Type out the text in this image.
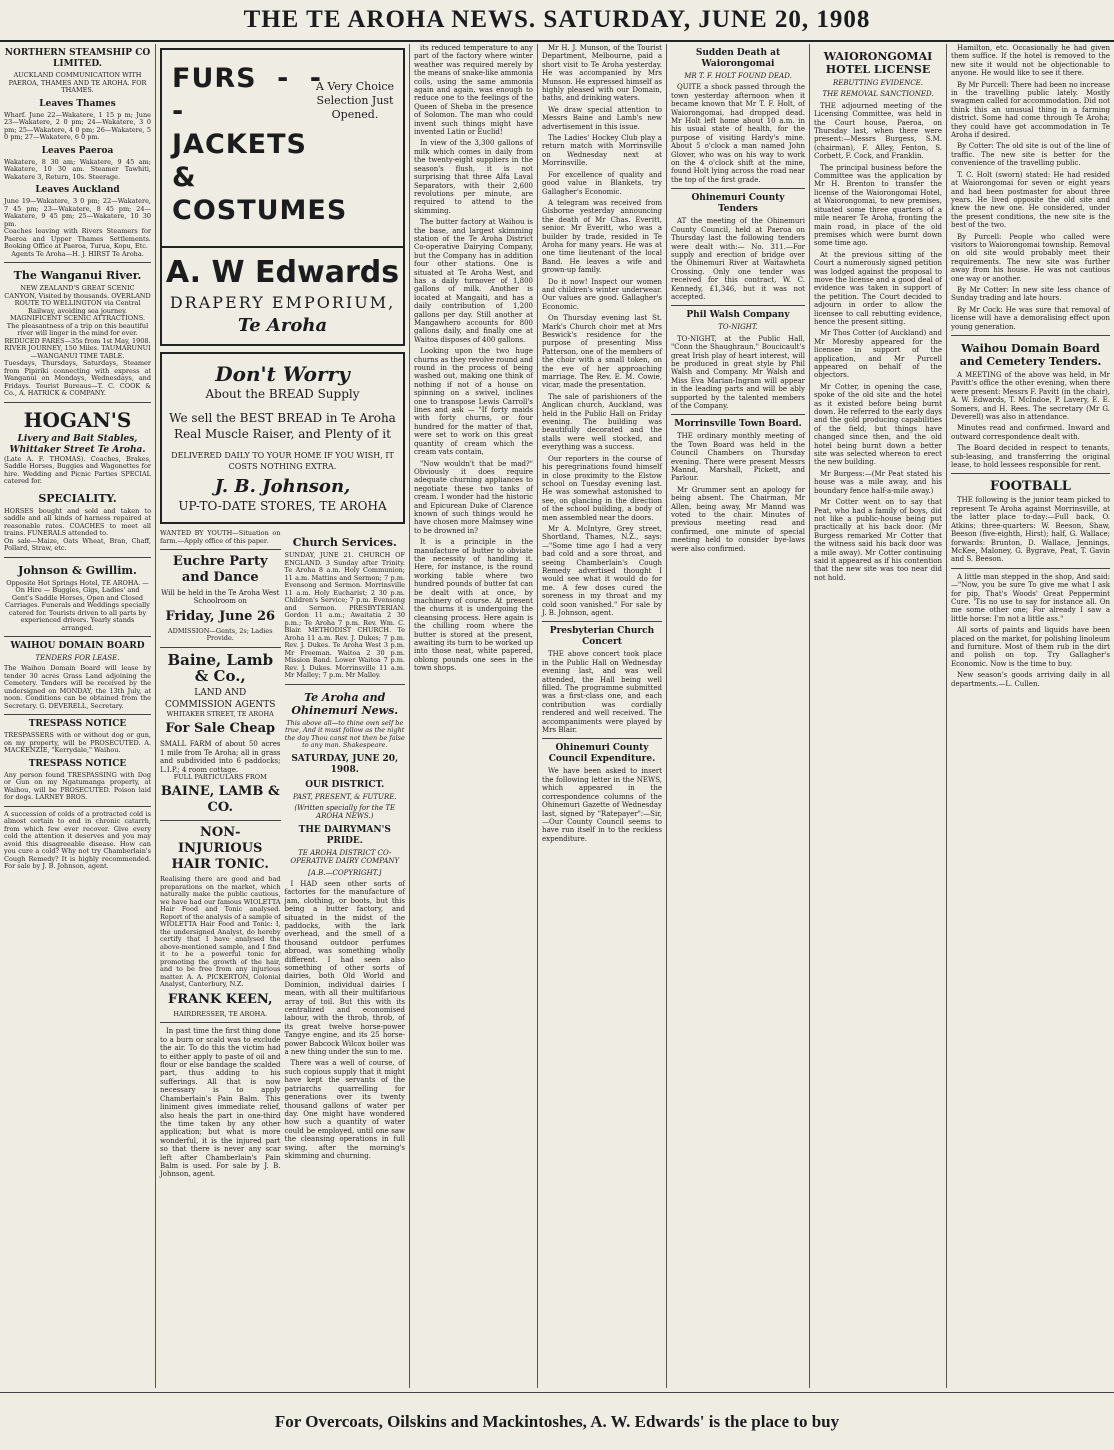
THE TE AROHA NEWS. SATURDAY, JUNE 20, 1908
NORTHERN STEAMSHIP CO LIMITED.
AUCKLAND COMMUNICATION WITH PAEROA, THAMES AND TE AROHA. FOR THAMES.
Leaves Thames
Wharf. June 22—Wakatere, 1 15 p m; June 23—Wakatere, 2 0 pm; 24—Wakatere, 3 0 pm; 25—Wakatere, 4 0 pm; 26—Wakatere, 5 0 pm; 27—Wakatere, 6 0 pm.
Leaves Paeroa
Wakatere, 8 30 am; Wakatere, 9 45 am; Wakatere, 10 30 am. Steamer Tawhiti, Wakatere 3, Return, 10s. Steerage.
Leaves Auckland
June 19—Wakatere, 3 0 pm; 22—Wakatere, 7 45 pm; 23—Wakatere, 8 45 pm; 24—Wakatere, 9 45 pm; 25—Wakatere, 10 30 pm.
Coaches leaving with Rivers Steamers for Paeroa and Upper Thames Settlements. Booking Office at Paeroa, Turua, Kopu, Etc.
Agents Te Aroha—H. J. HIRST Te Aroha.
The Wanganui River.
NEW ZEALAND'S GREAT SCENIC CANYON, Visited by thousands. OVERLAND ROUTE TO WELLINGTON via Central Railway, avoiding sea journey. MAGNIFICENT SCENIC ATTRACTIONS. The pleasantness of a trip on this beautiful river will linger in the mind for ever.
REDUCED FARES—35s from 1st May, 1908. RIVER JOURNEY, 150 Miles. TAUMARUNUI—WANGANUI TIME TABLE.
Tuesdays, Thursdays, Saturdays, Steamer from Pipiriki connecting with express at Wanganui on Mondays, Wednesdays, and Fridays. Tourist Bureaus—T. C. COOK & Co., A. HATRICK & COMPANY.
HOGAN'S
Livery and Bait Stables, Whittaker Street Te Aroha.
(Late A. F. THOMAS). Coaches, Brakes, Saddle Horses, Buggies and Wagonettes for hire. Wedding and Picnic Parties SPECIAL catered for.
SPECIALITY.
HORSES bought and sold and taken to saddle and all kinds of harness repaired at reasonable rates. COACHES to meet all trains. FUNERALS attended to.
On sale—Maize, Oats Wheat, Bran, Chaff, Pollard, Straw, etc.
Johnson & Gwillim.
Opposite Hot Springs Hotel, TE AROHA. — On Hire — Buggies, Gigs, Ladies' and Gent's Saddle Horses, Open and Closed Carriages. Funerals and Weddings specially catered for. Tourists driven to all parts by experienced drivers. Yearly stands arranged.
WAIHOU DOMAIN BOARD
TENDERS FOR LEASE.
The Waihou Domain Board will lease by tender 30 acres Grass Land adjoining the Cemetery. Tenders will be received by the undersigned on MONDAY, the 13th July, at noon. Conditions can be obtained from the Secretary. G. DEVERELL, Secretary.
TRESPASS NOTICE
TRESPASSERS with or without dog or gun, on my property, will be PROSECUTED. A. MACKENZIE, "Kerrydale," Waihou.
TRESPASS NOTICE
Any person found TRESPASSING with Dog or Gun on my Ngatumanga property, at Waihou, will be PROSECUTED. Poison laid for dogs. LARNEY BROS.
A succession of colds of a protracted cold is almost certain to end in chronic catarrh, from which few ever recover. Give every cold the attention it deserves and you may avoid this disagreeable disease. How can you cure a cold? Why not try Chamberlain's Cough Remedy? It is highly recommended. For sale by J. B. Johnson, agent.
FURS - - - JACKETS & COSTUMES
A Very Choice Selection Just Opened.
A. W Edwards
DRAPERY EMPORIUM,
Te Aroha
Don't Worry
About the BREAD Supply
We sell the BEST BREAD in Te Aroha
Real Muscle Raiser, and Plenty of it
DELIVERED DAILY TO YOUR HOME IF YOU WISH, IT COSTS NOTHING EXTRA.
J. B. Johnson,
UP-TO-DATE STORES, TE AROHA
WANTED BY YOUTH—Situation on farm.—Apply office of this paper.
Euchre Party and Dance
Will be held in the Te Aroha West Schoolroom on
Friday, June 26
ADMISSION—Gents, 2s; Ladies Provide.
Baine, Lamb & Co.,
LAND AND COMMISSION AGENTS
WHITAKER STREET, TE AROHA
For Sale Cheap
SMALL FARM of about 50 acres 1 mile from Te Aroha; all in grass and subdivided into 6 paddocks; L.I.P.; 4 room cottage.
FULL PARTICULARS FROM
BAINE, LAMB & CO.
NON-INJURIOUS HAIR TONIC.
Realising there are good and bad preparations on the market, which naturally make the public cautious, we have had our famous WIOLETTA Hair Food and Tonic analysed. Report of the analysis of a sample of WIOLETTA Hair Food and Tonic: I, the undersigned Analyst, do hereby certify that I have analysed the above-mentioned sample, and I find it to be a powerful tonic for promoting the growth of the hair, and to be free from any injurious matter. A. A. PICKERTON, Colonial Analyst, Canterbury, N.Z.
FRANK KEEN,
HAIRDRESSER, TE AROHA.

In past time the first thing done to a burn or scald was to exclude the air. To do this the victim had to either apply to paste of oil and flour or else bandage the scalded part, thus adding to his sufferings. All that is now necessary is to apply Chamberlain's Pain Balm. This liniment gives immediate relief, also heals the part in one-third the time taken by any other application; but what is more wonderful, it is the injured part so that there is never any scar left after Chamberlain's Pain Balm is used. For sale by J. B. Johnson, agent.

Church Services.
SUNDAY, JUNE 21. CHURCH OF ENGLAND. 3 Sunday after Trinity. Te Aroha 8 a.m. Holy Communion; 11 a.m. Mattins and Sermon; 7 p.m. Evensong and Sermon. Morrinsville 11 a.m. Holy Eucharist; 2 30 p.m. Children's Service; 7 p.m. Evensong and Sermon. PRESBYTERIAN. Gordon 11 a.m.; Awaitatia 2 30 p.m.; Te Aroha 7 p.m. Rev. Wm. C. Blair. METHODIST CHURCH. Te Aroha 11 a.m. Rev. J. Dukes; 7 p.m. Rev. J. Dukes. Te Aroha West 3 p.m. Mr Freeman. Waitoa 2 30 p.m. Mission Band. Lower Waitoa 7 p.m. Rev. J. Dukes. Morrinsville 11 a.m. Mr Malley; 7 p.m. Mr Malley.
Te Aroha and Ohinemuri News.
This above all—to thine own self be true, And it must follow as the night the day Thou canst not then be false to any man. Shakespeare.
SATURDAY, JUNE 20, 1908.
OUR DISTRICT.
PAST, PRESENT, & FUTURE.
(Written specially for the TE AROHA NEWS.)
THE DAIRYMAN'S PRIDE.
TE AROHA DISTRICT CO-OPERATIVE DAIRY COMPANY
[A.B.—COPYRIGHT.]

I HAD seen other sorts of factories for the manufacture of jam, clothing, or boots, but this being a butter factory, and situated in the midst of the paddocks, with the lark overhead, and the smell of a thousand outdoor perfumes abroad, was something wholly different. I had seen also something of other sorts of dairies, both Old World and Dominion, individual dairies I mean, with all their multifarious array of toil. But this with its centralized and economised labour, with the throb, throb, of its great twelve horse-power Tangye engine, and its 25 horse-power Babcock Wilcox boiler was a new thing under the sun to me.

There was a well of course, of such copious supply that it might have kept the servants of the patriarchs quarrelling for generations over its twenty thousand gallons of water per day. One might have wondered how such a quantity of water could be employed, until one saw the cleansing operations in full swing, after the morning's skimming and churning.

its reduced temperature to any part of the factory where winter weather was required merely by the means of snake-like ammonia coils, using the same ammonia again and again, was enough to reduce one to the feelings of the Queen of Sheba in the presence of Solomon. The man who could invent such things might have invented Latin or Euclid!

In view of the 3,300 gallons of milk which comes in daily from the twenty-eight suppliers in the season's flush, it is not surprising that three Alfa Laval Separators, with their 2,600 revolutions per minute, are required to attend to the skimming.

The butter factory at Waihou is the base, and largest skimming station of the Te Aroha District Co-operative Dairying Company, but the Company has in addition four other stations. One is situated at Te Aroha West, and has a daily turnover of 1,800 gallons of milk. Another is located at Mangaiti, and has a daily contribution of 1,200 gallons per day. Still another at Mangawhero accounts for 800 gallons daily, and finally one at Waitoa disposes of 400 gallons.

Looking upon the two huge churns as they revolve round and round in the process of being washed out, making one think of nothing if not of a house on spinning on a swivel, inclines one to transpose Lewis Carroll's lines and ask — "If forty maids with forty churns, or four hundred for the matter of that, were set to work on this great quantity of cream which the cream vats contain,

"Now wouldn't that be mad?" Obviously it does require adequate churning appliances to negotiate these two tanks of cream. I wonder had the historic and Epicurean Duke of Clarence known of such things would he have chosen more Malmsey wine to be drowned in?

It is a principle in the manufacture of butter to obviate the necessity of handling it. Here, for instance, is the round working table where two hundred pounds of butter fat can be dealt with at once, by machinery of course. At present the churns it is undergoing the cleansing process. Here again is the chilling room where the butter is stored at the present, awaiting its turn to be worked up into those neat, white papered, oblong pounds one sees in the town shops.

Mr H. J. Munson, of the Tourist Department, Melbourne, paid a short visit to Te Aroha yesterday. He was accompanied by Mrs Munson. He expressed himself as highly pleased with our Domain, baths, and drinking waters.

We draw special attention to Messrs Baine and Lamb's new advertisement in this issue.

The Ladies' Hockey Club play a return match with Morrinsville on Wednesday next at Morrinsville.

For excellence of quality and good value in Blankets, try Gallagher's Economic.

A telegram was received from Gisborne yesterday announcing the death of Mr Chas. Everitt, senior. Mr Everitt, who was a builder by trade, resided in Te Aroha for many years. He was at one time lieutenant of the local Band. He leaves a wife and grown-up family.

Do it now! Inspect our women and children's winter underwear. Our values are good. Gallagher's Economic.

On Thursday evening last St. Mark's Church choir met at Mrs Beswick's residence for the purpose of presenting Miss Patterson, one of the members of the choir with a small token, on the eve of her approaching marriage. The Rev. E. M. Cowie, vicar, made the presentation.

The sale of parishioners of the Anglican church, Auckland, was held in the Public Hall on Friday evening. The building was beautifully decorated and the stalls were well stocked, and everything was a success.

Our reporters in the course of his peregrinations found himself in close proximity to the Elstow school on Tuesday evening last. He was somewhat astonished to see, on glancing in the direction of the school building, a body of men assembled near the doors.

Mr A. McIntyre, Grey street, Shortland, Thames, N.Z., says:—"Some time ago I had a very bad cold and a sore throat, and seeing Chamberlain's Cough Remedy advertised thought I would see what it would do for me. A few doses cured the soreness in my throat and my cold soon vanished." For sale by J. B. Johnson, agent.

Presbyterian Church Concert

THE above concert took place in the Public Hall on Wednesday evening last, and was well attended, the Hall being well filled. The programme submitted was a first-class one, and each contribution was cordially rendered and well received. The accompaniments were played by Mrs Blair.

Ohinemuri County Council Expenditure.

We have been asked to insert the following letter in the NEWS, which appeared in the correspondence columns of the Ohinemuri Gazette of Wednesday last, signed by "Ratepayer":—Sir,—Our County Council seems to have run itself in to the reckless expenditure.

Sudden Death at Waiorongomai
MR T. F. HOLT FOUND DEAD.

QUITE a shock passed through the town yesterday afternoon when it became known that Mr T. F. Holt, of Waiorongomai, had dropped dead. Mr Holt left home about 10 a.m. in his usual state of health, for the purpose of visiting Hardy's mine. About 5 o'clock a man named John Glover, who was on his way to work on the 4 o'clock shift at the mine, found Holt lying across the road near the top of the first grade.

Ohinemuri County Tenders

AT the meeting of the Ohinemuri County Council, held at Paeroa on Thursday last the following tenders were dealt with:— No. 311.—For supply and erection of bridge over the Ohinemuri River at Waitawheta Crossing. Only one tender was received for this contract, W. C. Kennedy, £1,346, but it was not accepted.

Phil Walsh Company
TO-NIGHT.

TO-NIGHT, at the Public Hall, "Conn the Shaughraun," Boucicault's great Irish play of heart interest, will be produced in great style by Phil Walsh and Company. Mr Walsh and Miss Eva Marian-Ingram will appear in the leading parts and will be ably supported by the talented members of the Company.

Morrinsville Town Board.

THE ordinary monthly meeting of the Town Board was held in the Council Chambers on Thursday evening. There were present Messrs Mannd, Marshall, Pickett, and Parlour.

Mr Grummer sent an apology for being absent. The Chairman, Mr Allen, being away, Mr Mannd was voted to the chair. Minutes of previous meeting read and confirmed, one minute of special meeting held to consider bye-laws were also confirmed.

WAIORONGOMAI HOTEL LICENSE
REBUTTING EVIDENCE.
THE REMOVAL SANCTIONED.

THE adjourned meeting of the Licensing Committee, was held in the Court house, Paeroa, on Thursday last, when there were present:—Messrs Burgess, S.M. (chairman), F. Alley, Fenton, S. Corbett, F. Cock, and Franklin.

The principal business before the Committee was the application by Mr H. Brenton to transfer the license of the Waiorongomai Hotel, at Waiorongomai, to new premises, situated some three quarters of a mile nearer Te Aroha, fronting the main road, in place of the old premises which were burnt down some time ago.

At the previous sitting of the Court a numerously signed petition was lodged against the proposal to move the license and a good deal of evidence was taken in support of the petition. The Court decided to adjourn in order to allow the licensee to call rebutting evidence, hence the present sitting.

Mr Thos Cotter (of Auckland) and Mr Moresby appeared for the licensee in support of the application, and Mr Purcell appeared on behalf of the objectors.

Mr Cotter, in opening the case, spoke of the old site and the hotel as it existed before being burnt down. He referred to the early days and the gold producing capabilities of the field, but things have changed since then, and the old hotel being burnt down a better site was selected whereon to erect the new building.

Mr Burgess:—(Mr Peat stated his house was a mile away, and his boundary fence half-a-mile away.)

Mr Cotter went on to say that Peat, who had a family of boys, did not like a public-house being put practically at his back door. (Mr Burgess remarked Mr Cotter that the witness said his back door was a mile away). Mr Cotter continuing said it appeared as if his contention that the new site was too near did not hold.

Hamilton, etc. Occasionally he had given them suffice. If the hotel is removed to the new site it would not be objectionable to anyone. He would like to see it there.

By Mr Purcell: There had been no increase in the travelling public lately. Mostly swagmen called for accommodation. Did not think this an unusual thing in a farming district. Some had come through Te Aroha; they could have got accommodation in Te Aroha if desired.

By Cotter: The old site is out of the line of traffic. The new site is better for the convenience of the travelling public.

T. C. Holt (sworn) stated: He had resided at Waiorongomai for seven or eight years and had been postmaster for about three years. He lived opposite the old site and knew the new one. He considered, under the present conditions, the new site is the best of the two.

By Purcell: People who called were visitors to Waiorongomai township. Removal on old site would probably meet their requirements. The new site was further away from his house. He was not cautious one way or another.

By Mr Cotter: In new site less chance of Sunday trading and late hours.

By Mr Cock: He was sure that removal of license will have a demoralising effect upon young generation.

Waihou Domain Board and Cemetery Tenders.

A MEETING of the above was held, in Mr Pavitt's office the other evening, when there were present: Messrs F. Pavitt (in the chair), A. W. Edwards, T. McIndoe, P. Lavery, E. E. Somers, and H. Rees. The secretary (Mr G. Deverell) was also in attendance.

Minutes read and confirmed. Inward and outward correspondence dealt with.

The Board decided in respect to tenants, sub-leasing, and transferring the original lease, to hold lessees responsible for rent.

FOOTBALL

THE following is the junior team picked to represent Te Aroha against Morrinsville, at the latter place to-day:—Full back, O. Atkins; three-quarters: W. Beeson, Shaw, Beeson (five-eighth, Hirst); half, G. Wallace; forwards: Brunton, D. Wallace, Jennings, McKee, Maloney, G. Bygrave, Peat, T. Gavin and S. Beeson.

A little man stepped in the shop, And said:—"Now, you be sure To give me what I ask for pip, That's Woods' Great Peppermint Cure. 'Tis no use to say for instance all. On me some other one; For already I saw a little horse: I'm not a little ass."

All sorts of paints and liquids have been placed on the market, for polishing linoleum and furniture. Most of them rub in the dirt and polish on top. Try Gallagher's Economic. Now is the time to buy.

New season's goods arriving daily in all departments.—L. Cullen.

For Overcoats, Oilskins and Mackintoshes, A. W. Edwards' is the place to buy
